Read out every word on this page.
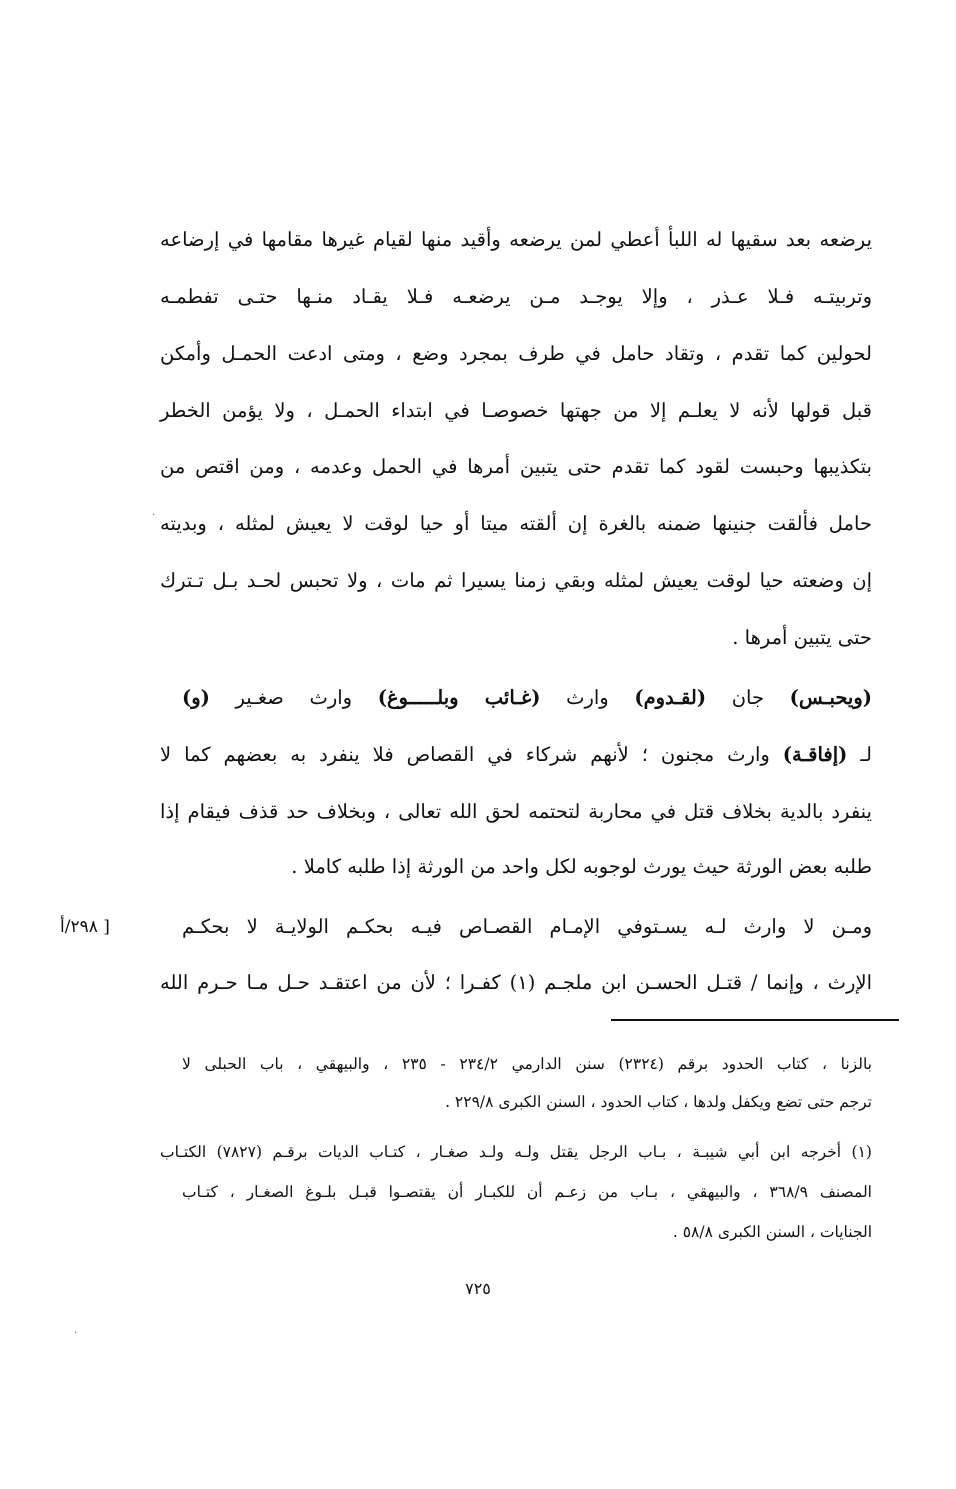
يرضعه بعد سقيها له اللبأ أعطي لمن يرضعه وأقيد منها لقيام غيرها مقامها في إرضاعه
وتربيتـه فـلا عـذر ، وإلا يوجـد مـن يرضعـه فـلا يقـاد منـها حتـى تفطمـه
لحولين كما تقدم ، وتقاد حامل في طرف بمجرد وضع ، ومتى ادعت الحمـل وأمكن
قبل قولها لأنه لا يعلـم إلا من جهتها خصوصـا في ابتداء الحمـل ، ولا يؤمن الخطر
بتكذيبها وحبست لقود كما تقدم حتى يتبين أمرها في الحمل وعدمه ، ومن اقتص من
حامل فألقت جنينها ضمنه بالغرة إن ألقته ميتا أو حيا لوقت لا يعيش لمثله ، وبديته
إن وضعته حيا لوقت يعيش لمثله وبقي زمنا يسيرا ثم مات ، ولا تحبس لحـد بـل تـترك
حتى يتبين أمرها .
(ويحبـس) جان (لقـدوم) وارث (غـائب وبلـــــوغ) وارث صغـير (و)
لـ (إفاقـة) وارث مجنون ؛ لأنهم شركاء في القصاص فلا ينفرد به بعضهم كما لا
ينفرد بالدية بخلاف قتل في محاربة لتحتمه لحق الله تعالى ، وبخلاف حد قذف فيقام إذا
طلبه بعض الورثة حيث يورث لوجوبه لكل واحد من الورثة إذا طلبه كاملا .
ومـن لا وارث لـه يسـتوفي الإمـام القصـاص فيـه بحكـم الولايـة لا بحكـم
الإرث ، وإنما / قتـل الحسـن ابن ملجـم (١) كفـرا ؛ لأن من اعتقـد حـل مـا حـرم الله
[ ٢٩٨/أ
بالزنا ، كتاب الحدود برقم (٢٣٢٤) سنن الدارمي ٢٣٤/٢ - ٢٣٥ ، والبيهقي ، باب الحبلى لا
ترجم حتى تضع ويكفل ولدها ، كتاب الحدود ، السنن الكبرى ٢٢٩/٨ .
(١) أخرجه ابن أبي شيبـة ، بـاب الرجل يقتل ولـه ولـد صغـار ، كتـاب الديات برقـم (٧٨٢٧) الكتـاب
المصنف ٣٦٨/٩ ، والبيهقي ، بـاب من زعـم أن للكبـار أن يقتصـوا قبـل بلـوغ الصغـار ، كتـاب
الجنايات ، السنن الكبرى ٥٨/٨ .
٧٢٥
·
·
